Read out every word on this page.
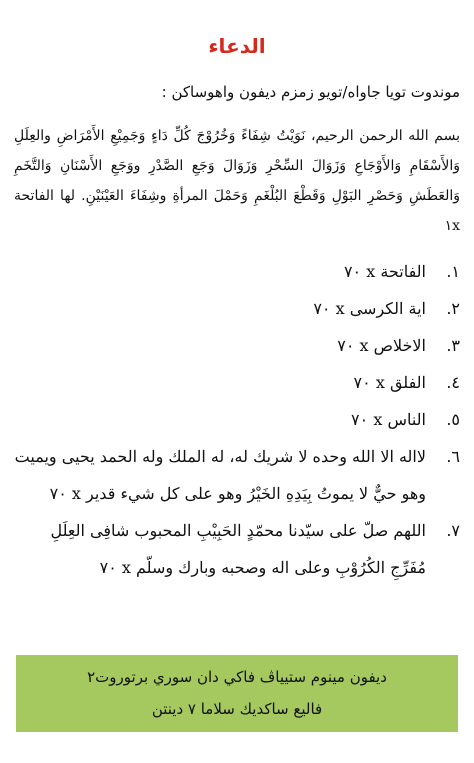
الدعاء
موندوت تويا جاواه/تويو زمزم ديفون واهوساكن :
بسم الله الرحمن الرحيم، نَوَيْتُ شِفَاءً وَخُرُوْجَ كُلِّ دَاءٍ وَجَمِيْعِ الأَمْرَاضِ والعِلَلِ وَالأَسْقَامِ وَالأَوْجَاعِ وَزَوَالَ السِّحْرِ وَزَوَالَ وَجَعِ الصَّدْرِ ووَجَعِ الأَسْنَانِ وَالتَّخَمِ وَالعَطَشِ وَحَصْرِ البَوْلِ وَقَطْعَ البُلْغَمِ وَحَمْلَ المرأةِ وشِفَاءَ العَيْنَيْنِ. لها الفاتحة ١x
١.
الفاتحة x ٧٠
٢.
اية الكرسى x ٧٠
٣.
الاخلاص x ٧٠
٤.
الفلق x ٧٠
٥.
الناس x ٧٠
٦.
لااله الا الله وحده لا شريك له، له الملك وله الحمد يحيى ويميت وهو حيٌّ لا يموتُ بِيَدِهِ الخَيْرُ وهو على كل شيء قدير x ٧٠
٧.
اللهم صلّ على سيّدنا محمّدٍ الحَبِيْبِ المحبوب شافِى العِلَلِ مُفَرِّجِ الكُرُوْبِ وعلى اله وصحبه وبارك وسلّم x ٧٠
ديفون مينوم ستيياڤ فاكي دان سوري برتوروت٢
فاليع ساكديك سلاما ٧ دينتن
